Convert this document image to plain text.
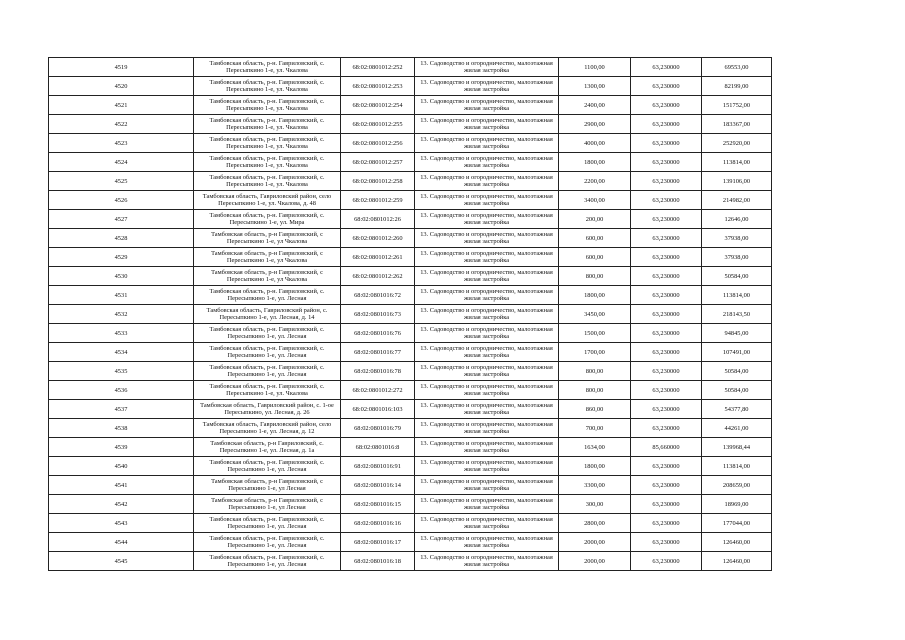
4519	Тамбовская область, р-н. Гавриловский, с. Пересыпкино 1-е, ул. Чкалова	68:02:0801012:252	13. Садоводство и огородничество, малоэтажная жилая застройка	1100,00	63,230000	69553,00
4520	Тамбовская область, р-н. Гавриловский, с. Пересыпкино 1-е, ул. Чкалова	68:02:0801012:253	13. Садоводство и огородничество, малоэтажная жилая застройка	1300,00	63,230000	82199,00
4521	Тамбовская область, р-н. Гавриловский, с. Пересыпкино 1-е, ул. Чкалова	68:02:0801012:254	13. Садоводство и огородничество, малоэтажная жилая застройка	2400,00	63,230000	151752,00
4522	Тамбовская область, р-н. Гавриловский, с. Пересыпкино 1-е, ул. Чкалова	68:02:0801012:255	13. Садоводство и огородничество, малоэтажная жилая застройка	2900,00	63,230000	183367,00
4523	Тамбовская область, р-н. Гавриловский, с. Пересыпкино 1-е, ул. Чкалова	68:02:0801012:256	13. Садоводство и огородничество, малоэтажная жилая застройка	4000,00	63,230000	252920,00
4524	Тамбовская область, р-н. Гавриловский, с. Пересыпкино 1-е, ул. Чкалова	68:02:0801012:257	13. Садоводство и огородничество, малоэтажная жилая застройка	1800,00	63,230000	113814,00
4525	Тамбовская область, р-н. Гавриловский, с. Пересыпкино 1-е, ул. Чкалова	68:02:0801012:258	13. Садоводство и огородничество, малоэтажная жилая застройка	2200,00	63,230000	139106,00
4526	Тамбовская область, Гавриловский район, село Пересыпкино 1-е, ул. Чкалова, д. 48	68:02:0801012:259	13. Садоводство и огородничество, малоэтажная жилая застройка	3400,00	63,230000	214982,00
4527	Тамбовская область, р-н. Гавриловский, с. Пересыпкино 1-е, ул. Мира	68:02:0801012:26	13. Садоводство и огородничество, малоэтажная жилая застройка	200,00	63,230000	12646,00
4528	Тамбовская область, р-н Гавриловский, с Пересыпкино 1-е, ул Чкалова	68:02:0801012:260	13. Садоводство и огородничество, малоэтажная жилая застройка	600,00	63,230000	37938,00
4529	Тамбовская область, р-н Гавриловский, с Пересыпкино 1-е, ул Чкалова	68:02:0801012:261	13. Садоводство и огородничество, малоэтажная жилая застройка	600,00	63,230000	37938,00
4530	Тамбовская область, р-н Гавриловский, с Пересыпкино 1-е, ул Чкалова	68:02:0801012:262	13. Садоводство и огородничество, малоэтажная жилая застройка	800,00	63,230000	50584,00
4531	Тамбовская область, р-н. Гавриловский, с. Пересыпкино 1-е, ул. Лесная	68:02:0801016:72	13. Садоводство и огородничество, малоэтажная жилая застройка	1800,00	63,230000	113814,00
4532	Тамбовская область, Гавриловский район, с. Пересыпкино 1-е, ул. Лесная, д. 14	68:02:0801016:73	13. Садоводство и огородничество, малоэтажная жилая застройка	3450,00	63,230000	218143,50
4533	Тамбовская область, р-н. Гавриловский, с. Пересыпкино 1-е, ул. Лесная	68:02:0801016:76	13. Садоводство и огородничество, малоэтажная жилая застройка	1500,00	63,230000	94845,00
4534	Тамбовская область, р-н. Гавриловский, с. Пересыпкино 1-е, ул. Лесная	68:02:0801016:77	13. Садоводство и огородничество, малоэтажная жилая застройка	1700,00	63,230000	107491,00
4535	Тамбовская область, р-н. Гавриловский, с. Пересыпкино 1-е, ул. Лесная	68:02:0801016:78	13. Садоводство и огородничество, малоэтажная жилая застройка	800,00	63,230000	50584,00
4536	Тамбовская область, р-н. Гавриловский, с. Пересыпкино 1-е, ул. Чкалова	68:02:0801012:272	13. Садоводство и огородничество, малоэтажная жилая застройка	800,00	63,230000	50584,00
4537	Тамбовская область, Гавриловский район, с. 1-ое Пересыпкино, ул. Лесная, д. 26	68:02:0801016:103	13. Садоводство и огородничество, малоэтажная жилая застройка	860,00	63,230000	54377,80
4538	Тамбовская область, Гавриловский район, село Пересыпкино 1-е, ул. Лесная, д. 12	68:02:0801016:79	13. Садоводство и огородничество, малоэтажная жилая застройка	700,00	63,230000	44261,00
4539	Тамбовская область, р-н Гавриловский, с. Пересыпкино 1-е, ул. Лесная, д. 1а	68:02:0801016:8	13. Садоводство и огородничество, малоэтажная жилая застройка	1634,00	85,660000	139968,44
4540	Тамбовская область, р-н. Гавриловский, с. Пересыпкино 1-е, ул. Лесная	68:02:0801016:91	13. Садоводство и огородничество, малоэтажная жилая застройка	1800,00	63,230000	113814,00
4541	Тамбовская область, р-н Гавриловский, с Пересыпкино 1-е, ул Лесная	68:02:0801016:14	13. Садоводство и огородничество, малоэтажная жилая застройка	3300,00	63,230000	208659,00
4542	Тамбовская область, р-н Гавриловский, с Пересыпкино 1-е, ул Лесная	68:02:0801016:15	13. Садоводство и огородничество, малоэтажная жилая застройка	300,00	63,230000	18969,00
4543	Тамбовская область, р-н. Гавриловский, с. Пересыпкино 1-е, ул. Лесная	68:02:0801016:16	13. Садоводство и огородничество, малоэтажная жилая застройка	2800,00	63,230000	177044,00
4544	Тамбовская область, р-н. Гавриловский, с. Пересыпкино 1-е, ул. Лесная	68:02:0801016:17	13. Садоводство и огородничество, малоэтажная жилая застройка	2000,00	63,230000	126460,00
4545	Тамбовская область, р-н. Гавриловский, с. Пересыпкино 1-е, ул. Лесная	68:02:0801016:18	13. Садоводство и огородничество, малоэтажная жилая застройка	2000,00	63,230000	126460,00
